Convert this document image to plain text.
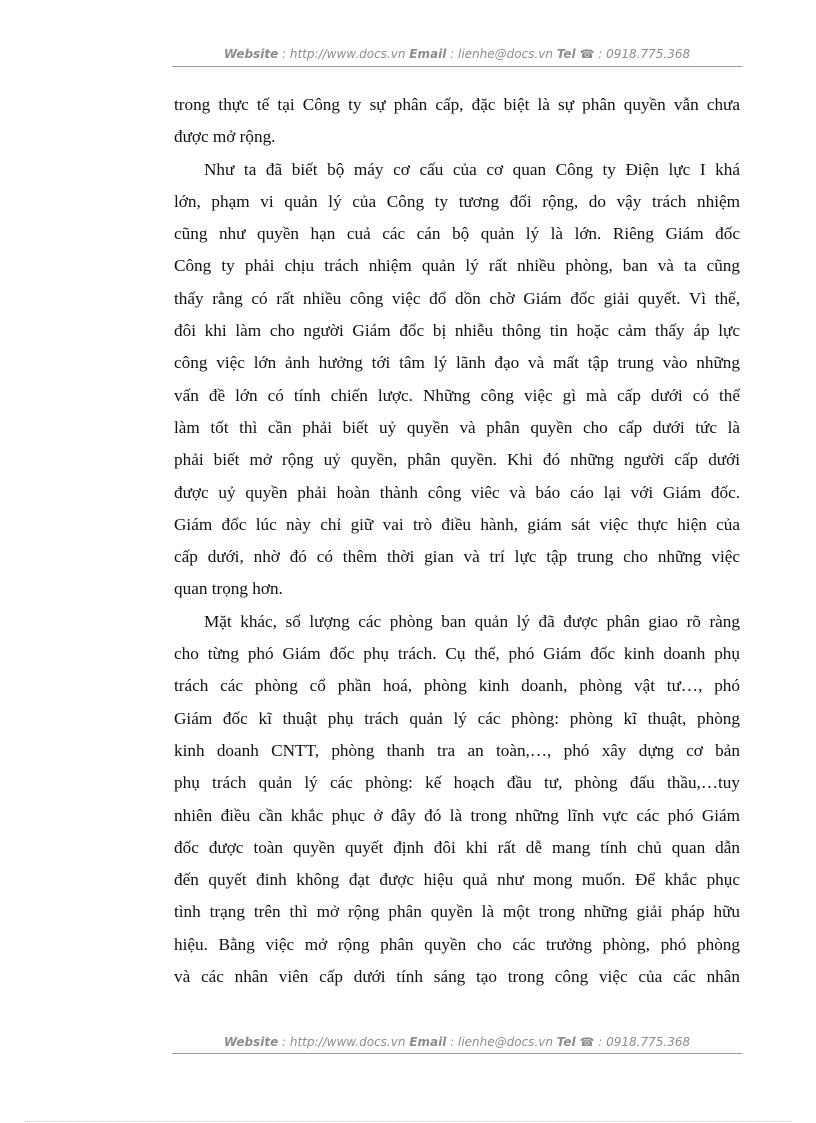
Website : http://www.docs.vn Email : lienhe@docs.vn Tel ☎ : 0918.775.368
trong thực tế tại Công ty sự phân cấp, đặc biệt là sự phân quyền vẫn chưa
được mở rộng.
Như ta đã biết bộ máy cơ cấu của cơ quan Công ty Điện lực I khá
lớn, phạm vi quản lý của Công ty tương đối rộng, do vậy trách nhiệm
cũng như quyền hạn cuả các cán bộ quản lý là lớn. Riêng Giám đốc
Công ty phải chịu trách nhiệm quản lý rất nhiều phòng, ban và ta cũng
thấy rằng có rất nhiều công việc đổ dồn chờ Giám đốc giải quyết. Vì thế,
đôi khi làm cho người Giám đốc bị nhiễu thông tin hoặc cảm thấy áp lực
công việc lớn ảnh hưởng tới tâm lý lãnh đạo và mất tập trung vào những
vấn đề lớn có tính chiến lược. Những công việc gì mà cấp dưới có thể
làm tốt thì cần phải biết uỷ quyền và phân quyền cho cấp dưới tức là
phải biết mở rộng uỷ quyền, phân quyền. Khi đó những người cấp dưới
được uỷ quyền phải hoàn thành công viêc và báo cáo lại với Giám đốc.
Giám đốc lúc này chỉ giữ vai trò điều hành, giám sát việc thực hiện của
cấp dưới, nhờ đó có thêm thời gian và trí lực tập trung cho những việc
quan trọng hơn.
Mặt khác, số lượng các phòng ban quản lý đã được phân giao rõ ràng
cho từng phó Giám đốc phụ trách. Cụ thể, phó Giám đốc kinh doanh phụ
trách các phòng cổ phần hoá, phòng kinh doanh, phòng vật tư…, phó
Giám đốc kĩ thuật phụ trách quản lý các phòng: phòng kĩ thuật, phòng
kinh doanh CNTT, phòng thanh tra an toàn,…, phó xây dựng cơ bản
phụ trách quản lý các phòng: kế hoạch đầu tư, phòng đấu thầu,…tuy
nhiên điều cần khắc phục ở đây đó là trong những lĩnh vực các phó Giám
đốc được toàn quyền quyết định đôi khi rất dễ mang tính chủ quan dẫn
đến quyết đinh không đạt được hiệu quả như mong muốn. Để khắc phục
tình trạng trên thì mở rộng phân quyền là một trong những giải pháp hữu
hiệu. Bằng việc mở rộng phân quyền cho các trưởng phòng, phó phòng
và các nhân viên cấp dưới tính sáng tạo trong công việc của các nhân
Website : http://www.docs.vn Email : lienhe@docs.vn Tel ☎ : 0918.775.368
